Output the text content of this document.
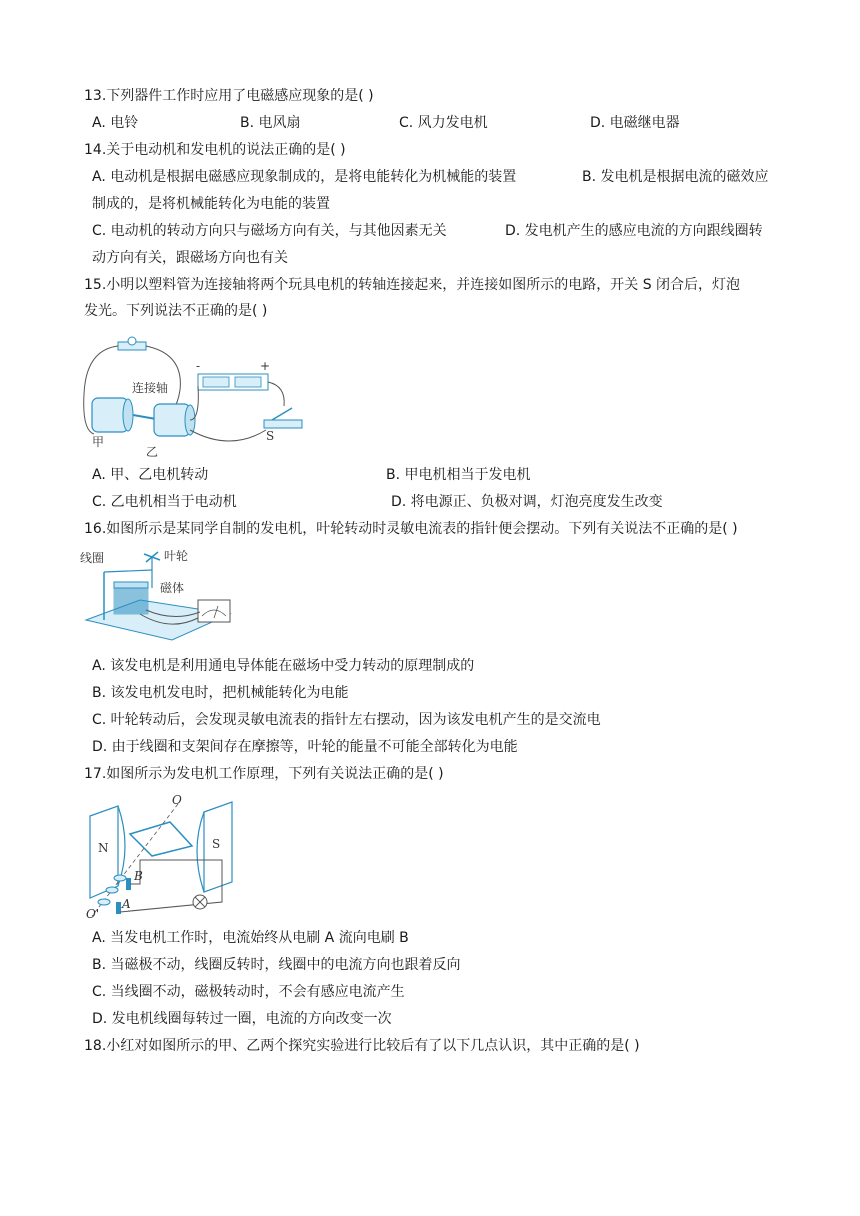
13.下列器件工作时应用了电磁感应现象的是( )
A. 电铃	B. 电风扇	C. 风力发电机	D. 电磁继电器
14.关于电动机和发电机的说法正确的是( )
A. 电动机是根据电磁感应现象制成的，是将电能转化为机械能的装置	B. 发电机是根据电流的磁效应
制成的，是将机械能转化为电能的装置
C. 电动机的转动方向只与磁场方向有关，与其他因素无关	D. 发电机产生的感应电流的方向跟线圈转
动方向有关，跟磁场方向也有关
15.小明以塑料管为连接轴将两个玩具电机的转轴连接起来，并连接如图所示的电路，开关 S 闭合后，灯泡
发光。下列说法不正确的是( )
连接轴
甲
乙
S
-	+
A. 甲、乙电机转动	B. 甲电机相当于发电机
C. 乙电机相当于电动机	D. 将电源正、负极对调，灯泡亮度发生改变
16.如图所示是某同学自制的发电机，叶轮转动时灵敏电流表的指针便会摆动。下列有关说法不正确的是( )
线圈	叶轮
磁体
A. 该发电机是利用通电导体能在磁场中受力转动的原理制成的
B. 该发电机发电时，把机械能转化为电能
C. 叶轮转动后，会发现灵敏电流表的指针左右摆动，因为该发电机产生的是交流电
D. 由于线圈和支架间存在摩擦等，叶轮的能量不可能全部转化为电能
17.如图所示为发电机工作原理，下列有关说法正确的是( )
O
O'
N	S
B
A
A. 当发电机工作时，电流始终从电刷 A 流向电刷 B
B. 当磁极不动，线圈反转时，线圈中的电流方向也跟着反向
C. 当线圈不动，磁极转动时，不会有感应电流产生
D. 发电机线圈每转过一圈，电流的方向改变一次
18.小红对如图所示的甲、乙两个探究实验进行比较后有了以下几点认识，其中正确的是( )
